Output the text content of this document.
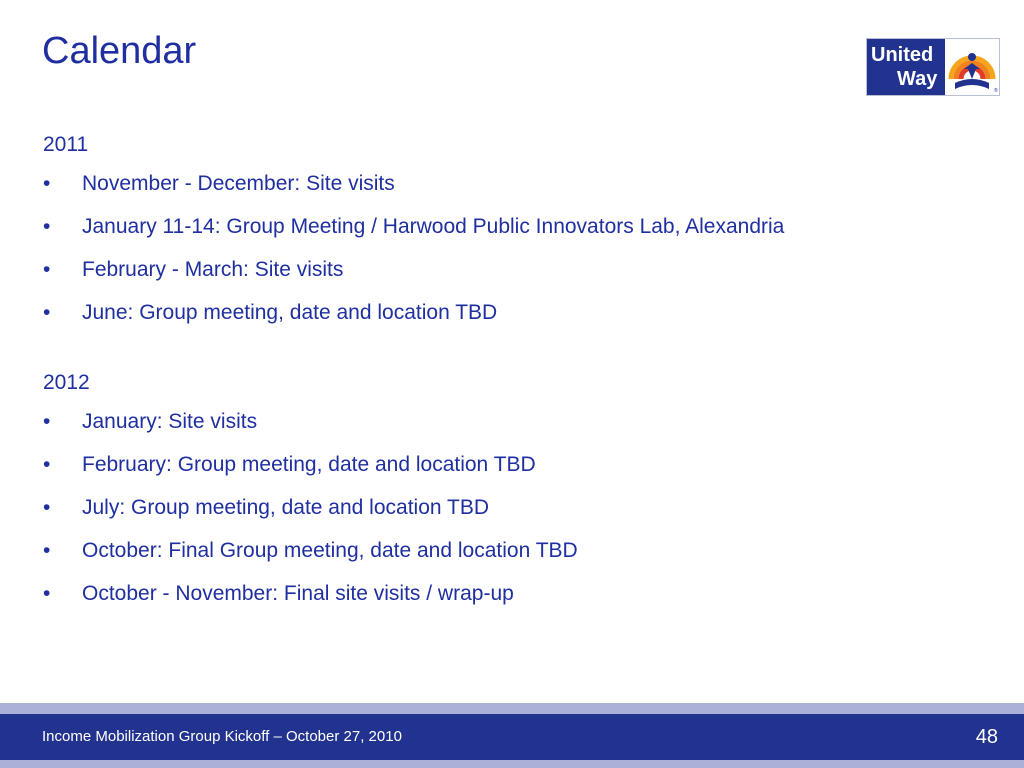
Calendar	United
Way
®
2011
• November - December: Site visits
• January 11-14: Group Meeting / Harwood Public Innovators Lab, Alexandria
• February - March: Site visits
• June: Group meeting, date and location TBD
2012
• January: Site visits
• February: Group meeting, date and location TBD
• July: Group meeting, date and location TBD
• October: Final Group meeting, date and location TBD
• October - November: Final site visits / wrap-up
Income Mobilization Group Kickoff – October 27, 2010	48
